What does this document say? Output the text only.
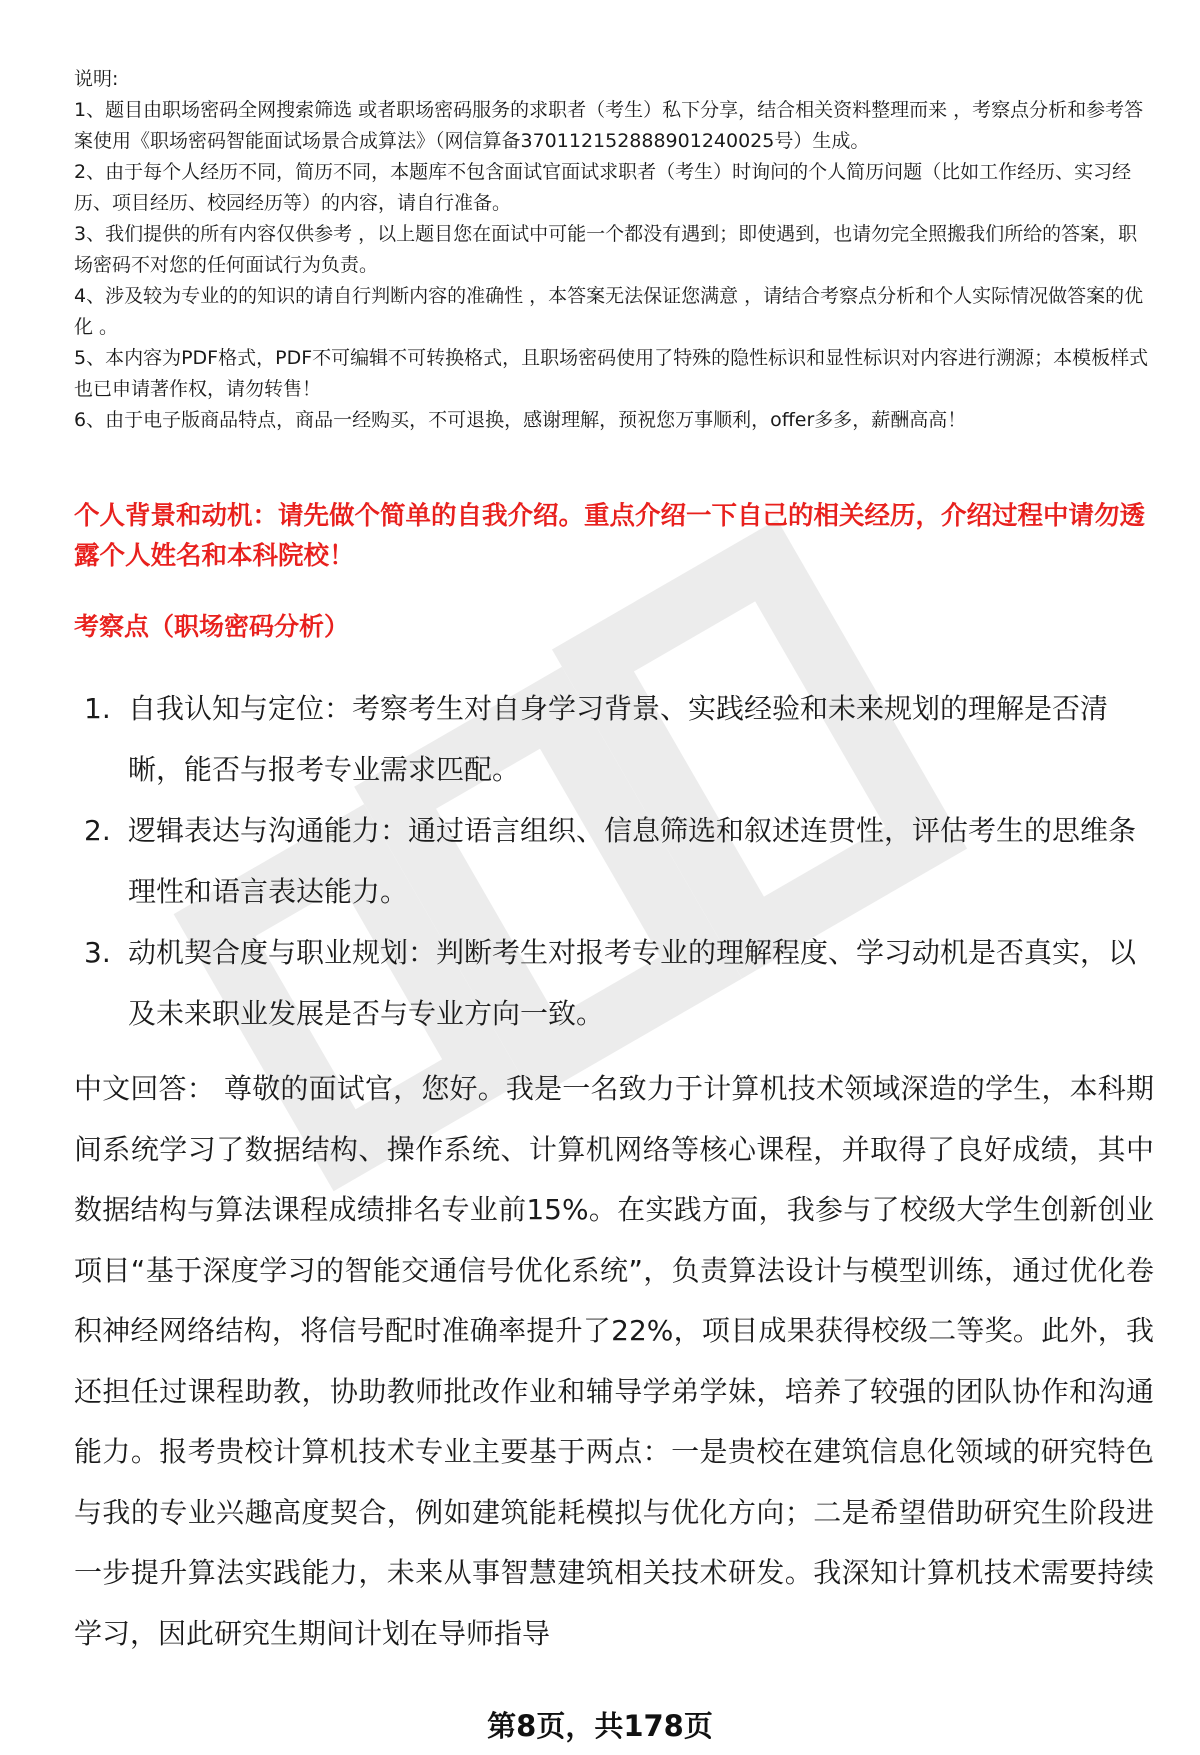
说明:

1、题目由职场密码全网搜索筛选 或者职场密码服务的求职者（考生）私下分享，结合相关资料整理而来 ，考察点分析和参考答案使用《职场密码智能面试场景合成算法》（网信算备370112152888901240025号）生成。

2、由于每个人经历不同，简历不同，本题库不包含面试官面试求职者（考生）时询问的个人简历问题（比如工作经历、实习经历、项目经历、校园经历等）的内容，请自行准备。

3、我们提供的所有内容仅供参考 ，以上题目您在面试中可能一个都没有遇到；即使遇到，也请勿完全照搬我们所给的答案，职场密码不对您的任何面试行为负责。

4、涉及较为专业的的知识的请自行判断内容的准确性 ，本答案无法保证您满意 ，请结合考察点分析和个人实际情况做答案的优化 。

5、本内容为PDF格式，PDF不可编辑不可转换格式，且职场密码使用了特殊的隐性标识和显性标识对内容进行溯源；本模板样式也已申请著作权，请勿转售！

6、由于电子版商品特点，商品一经购买，不可退换，感谢理解，预祝您万事顺利，offer多多，薪酬高高！

个人背景和动机：请先做个简单的自我介绍。重点介绍一下自己的相关经历，介绍过程中请勿透露个人姓名和本科院校！

考察点（职场密码分析）

1. 自我认知与定位：考察考生对自身学习背景、实践经验和未来规划的理解是否清晰，能否与报考专业需求匹配。
2. 逻辑表达与沟通能力：通过语言组织、信息筛选和叙述连贯性，评估考生的思维条理性和语言表达能力。
3. 动机契合度与职业规划：判断考生对报考专业的理解程度、学习动机是否真实，以及未来职业发展是否与专业方向一致。

中文回答： 尊敬的面试官，您好。我是一名致力于计算机技术领域深造的学生，本科期间系统学习了数据结构、操作系统、计算机网络等核心课程，并取得了良好成绩，其中数据结构与算法课程成绩排名专业前15%。在实践方面，我参与了校级大学生创新创业项目“基于深度学习的智能交通信号优化系统”，负责算法设计与模型训练，通过优化卷积神经网络结构，将信号配时准确率提升了22%，项目成果获得校级二等奖。此外，我还担任过课程助教，协助教师批改作业和辅导学弟学妹，培养了较强的团队协作和沟通能力。报考贵校计算机技术专业主要基于两点：一是贵校在建筑信息化领域的研究特色与我的专业兴趣高度契合，例如建筑能耗模拟与优化方向；二是希望借助研究生阶段进一步提升算法实践能力，未来从事智慧建筑相关技术研发。我深知计算机技术需要持续学习，因此研究生期间计划在导师指导

第8页，共178页
